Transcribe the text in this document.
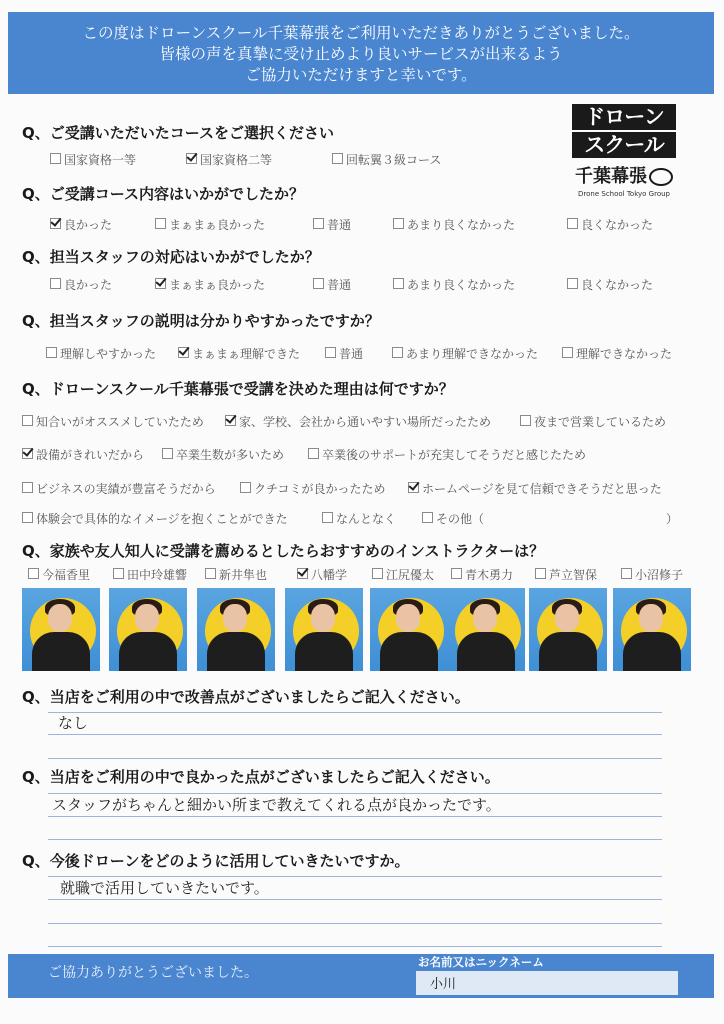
この度はドローンスクール千葉幕張をご利用いただきありがとうございました。
皆様の声を真摯に受け止めより良いサービスが出来るよう
ご協力いただけますと幸いです。
ドローン
スクール
千葉幕張
Drone School Tokyo Group
Q、ご受講いただいたコースをご選択ください
国家資格一等	国家資格二等	回転翼３級コース
Q、ご受講コース内容はいかがでしたか？
良かった	まぁまぁ良かった	普通	あまり良くなかった	良くなかった
Q、担当スタッフの対応はいかがでしたか？
良かった	まぁまぁ良かった	普通	あまり良くなかった	良くなかった
Q、担当スタッフの説明は分かりやすかったですか？
理解しやすかった	まぁまぁ理解できた	普通	あまり理解できなかった	理解できなかった
Q、ドローンスクール千葉幕張で受講を決めた理由は何ですか？
知合いがオススメしていたため	家、学校、会社から通いやすい場所だったため	夜まで営業しているため
設備がきれいだから	卒業生数が多いため	卒業後のサポートが充実してそうだと感じたため
ビジネスの実績が豊富そうだから	クチコミが良かったため	ホームページを見て信頼できそうだと思った
体験会で具体的なイメージを抱くことができた	なんとなく	その他（	）
Q、家族や友人知人に受講を薦めるとしたらおすすめのインストラクターは？
今福香里	田中玲雄響	新井隼也	八幡学	江尻優太	青木勇力	芦立智保	小沼修子
Q、当店をご利用の中で改善点がございましたらご記入ください。
なし
Q、当店をご利用の中で良かった点がございましたらご記入ください。
スタッフがちゃんと細かい所まで教えてくれる点が良かったです。
Q、今後ドローンをどのように活用していきたいですか。
就職で活用していきたいです。
ご協力ありがとうございました。
お名前又はニックネーム
小川
